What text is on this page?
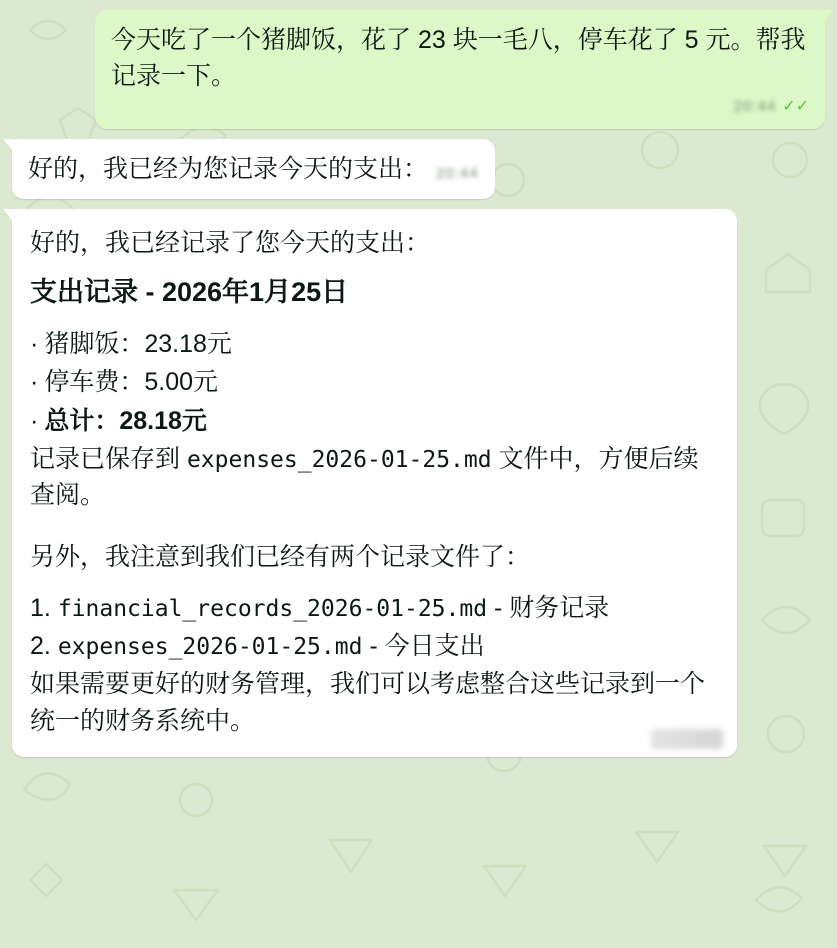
今天吃了一个猪脚饭，花了 23 块一毛八，停车花了 5 元。帮我记录一下。
20:44 ✓✓
好的，我已经为您记录今天的支出： 20:44
好的，我已经记录了您今天的支出：
支出记录 - 2026年1月25日
· 猪脚饭：23.18元
· 停车费：5.00元
· 总计：28.18元
记录已保存到 expenses_2026-01-25.md 文件中，方便后续查阅。
另外，我注意到我们已经有两个记录文件了：
financial_records_2026-01-25.md - 财务记录
expenses_2026-01-25.md - 今日支出
如果需要更好的财务管理，我们可以考虑整合这些记录到一个统一的财务系统中。
